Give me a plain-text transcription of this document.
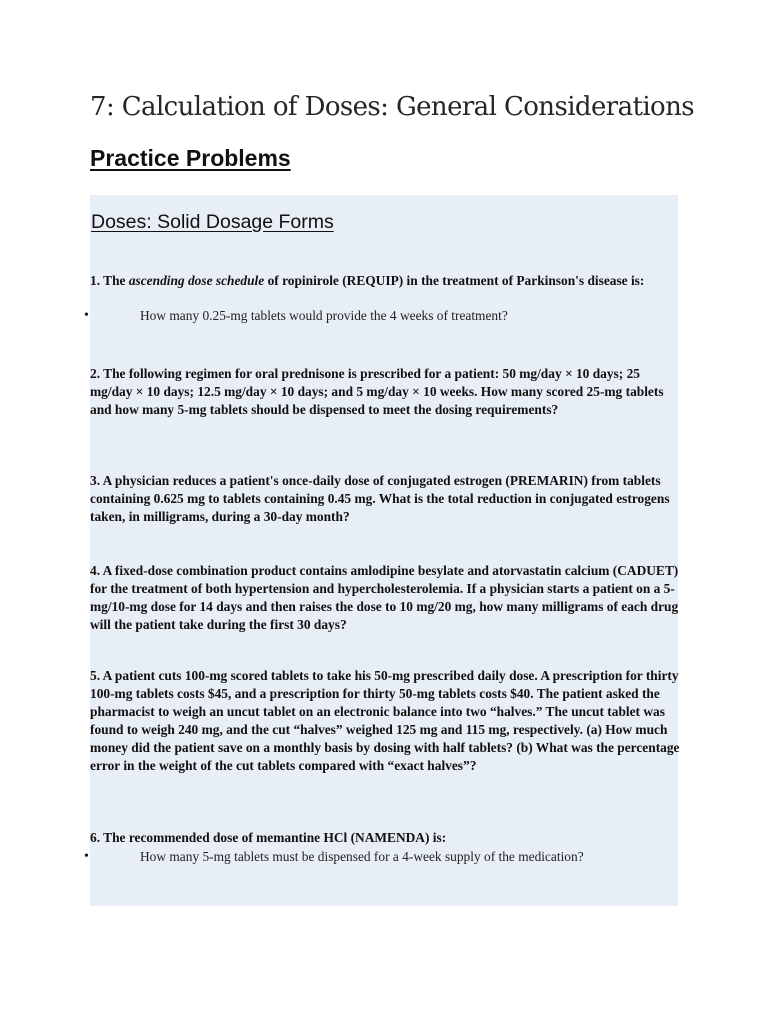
7: Calculation of Doses: General Considerations
Practice Problems
Doses: Solid Dosage Forms

1. The ascending dose schedule of ropinirole (REQUIP) in the treatment of Parkinson's disease is:

•	How many 0.25-mg tablets would provide the 4 weeks of treatment?

2. The following regimen for oral prednisone is prescribed for a patient: 50 mg/day × 10 days; 25 mg/day × 10 days; 12.5 mg/day × 10 days; and 5 mg/day × 10 weeks. How many scored 25-mg tablets and how many 5-mg tablets should be dispensed to meet the dosing requirements?

3. A physician reduces a patient's once-daily dose of conjugated estrogen (PREMARIN) from tablets containing 0.625 mg to tablets containing 0.45 mg. What is the total reduction in conjugated estrogens taken, in milligrams, during a 30-day month?

4. A fixed-dose combination product contains amlodipine besylate and atorvastatin calcium (CADUET) for the treatment of both hypertension and hypercholesterolemia. If a physician starts a patient on a 5-mg/10-mg dose for 14 days and then raises the dose to 10 mg/20 mg, how many milligrams of each drug will the patient take during the first 30 days?

5. A patient cuts 100-mg scored tablets to take his 50-mg prescribed daily dose. A prescription for thirty 100-mg tablets costs $45, and a prescription for thirty 50-mg tablets costs $40. The patient asked the pharmacist to weigh an uncut tablet on an electronic balance into two “halves.” The uncut tablet was found to weigh 240 mg, and the cut “halves” weighed 125 mg and 115 mg, respectively. (a) How much money did the patient save on a monthly basis by dosing with half tablets? (b) What was the percentage error in the weight of the cut tablets compared with “exact halves”?

6. The recommended dose of memantine HCl (NAMENDA) is:

•	How many 5-mg tablets must be dispensed for a 4-week supply of the medication?
